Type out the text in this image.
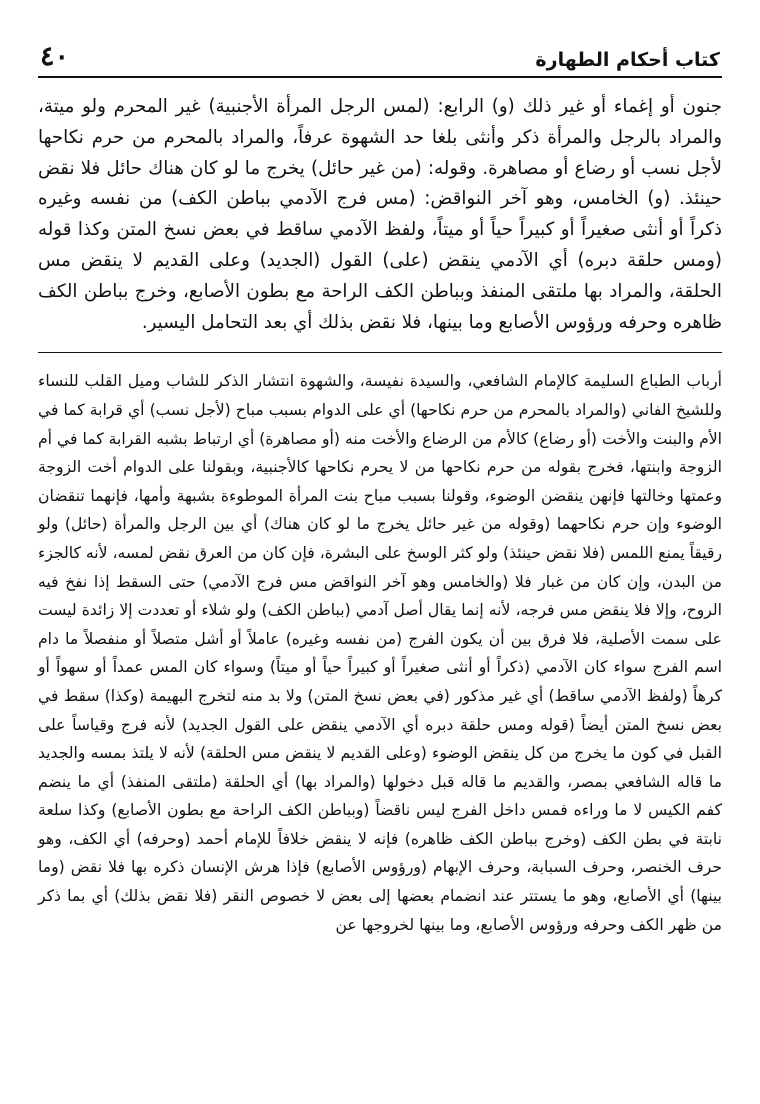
كتاب أحكام الطهارة
٤٠

جنون أو إغماء أو غير ذلك (و) الرابع: (لمس الرجل المرأة الأجنبية) غير المحرم ولو ميتة، والمراد بالرجل والمرأة ذكر وأنثى بلغا حد الشهوة عرفاً، والمراد بالمحرم من حرم نكاحها لأجل نسب أو رضاع أو مصاهرة. وقوله: (من غير حائل) يخرج ما لو كان هناك حائل فلا نقض حينئذ. (و) الخامس، وهو آخر النواقض: (مس فرج الآدمي بباطن الكف) من نفسه وغيره ذكراً أو أنثى صغيراً أو كبيراً حياً أو ميتاً، ولفظ الآدمي ساقط في بعض نسخ المتن وكذا قوله (ومس حلقة دبره) أي الآدمي ينقض (على) القول (الجديد) وعلى القديم لا ينقض مس الحلقة، والمراد بها ملتقى المنفذ وبباطن الكف الراحة مع بطون الأصابع، وخرج بباطن الكف ظاهره وحرفه ورؤوس الأصابع وما بينها، فلا نقض بذلك أي بعد التحامل اليسير.

أرباب الطباع السليمة كالإمام الشافعي، والسيدة نفيسة، والشهوة انتشار الذكر للشاب وميل القلب للنساء وللشيخ الفاني (والمراد بالمحرم من حرم نكاحها) أي على الدوام بسبب مباح (لأجل نسب) أي قرابة كما في الأم والبنت والأخت (أو رضاع) كالأم من الرضاع والأخت منه (أو مصاهرة) أي ارتباط بشبه القرابة كما في أم الزوجة وابنتها، فخرج بقوله من حرم نكاحها من لا يحرم نكاحها كالأجنبية، وبقولنا على الدوام أخت الزوجة وعمتها وخالتها فإنهن ينقضن الوضوء، وقولنا بسبب مباح بنت المرأة الموطوءة بشبهة وأمها، فإنهما تنقضان الوضوء وإن حرم نكاحهما (وقوله من غير حائل يخرج ما لو كان هناك) أي بين الرجل والمرأة (حائل) ولو رقيقاً يمنع اللمس (فلا نقض حينئذ) ولو كثر الوسخ على البشرة، فإن كان من العرق نقض لمسه، لأنه كالجزء من البدن، وإن كان من غبار فلا (والخامس وهو آخر النواقض مس فرج الآدمي) حتى السقط إذا نفخ فيه الروح، وإلا فلا ينقض مس فرجه، لأنه إنما يقال أصل آدمي (بباطن الكف) ولو شلاء أو تعددت إلا زائدة ليست على سمت الأصلية، فلا فرق بين أن يكون الفرج (من نفسه وغيره) عاملاً أو أشل متصلاً أو منفصلاً ما دام اسم الفرج سواء كان الآدمي (ذكراً أو أنثى صغيراً أو كبيراً حياً أو ميتاً) وسواء كان المس عمداً أو سهواً أو كرهاً (ولفظ الآدمي ساقط) أي غير مذكور (في بعض نسخ المتن) ولا بد منه لتخرج البهيمة (وكذا) سقط في بعض نسخ المتن أيضاً (قوله ومس حلقة دبره أي الآدمي ينقض على القول الجديد) لأنه فرج وقياساً على القبل في كون ما يخرج من كل ينقض الوضوء (وعلى القديم لا ينقض مس الحلقة) لأنه لا يلتذ بمسه والجديد ما قاله الشافعي بمصر، والقديم ما قاله قبل دخولها (والمراد بها) أي الحلقة (ملتقى المنفذ) أي ما ينضم كفم الكيس لا ما وراءه فمس داخل الفرج ليس ناقضاً (وبباطن الكف الراحة مع بطون الأصابع) وكذا سلعة نابتة في بطن الكف (وخرج بباطن الكف ظاهره) فإنه لا ينقض خلافاً للإمام أحمد (وحرفه) أي الكف، وهو حرف الخنصر، وحرف السبابة، وحرف الإبهام (ورؤوس الأصابع) فإذا هرش الإنسان ذكره بها فلا نقض (وما بينها) أي الأصابع، وهو ما يستتر عند انضمام بعضها إلى بعض لا خصوص النقر (فلا نقض بذلك) أي بما ذكر من ظهر الكف وحرفه ورؤوس الأصابع، وما بينها لخروجها عن
